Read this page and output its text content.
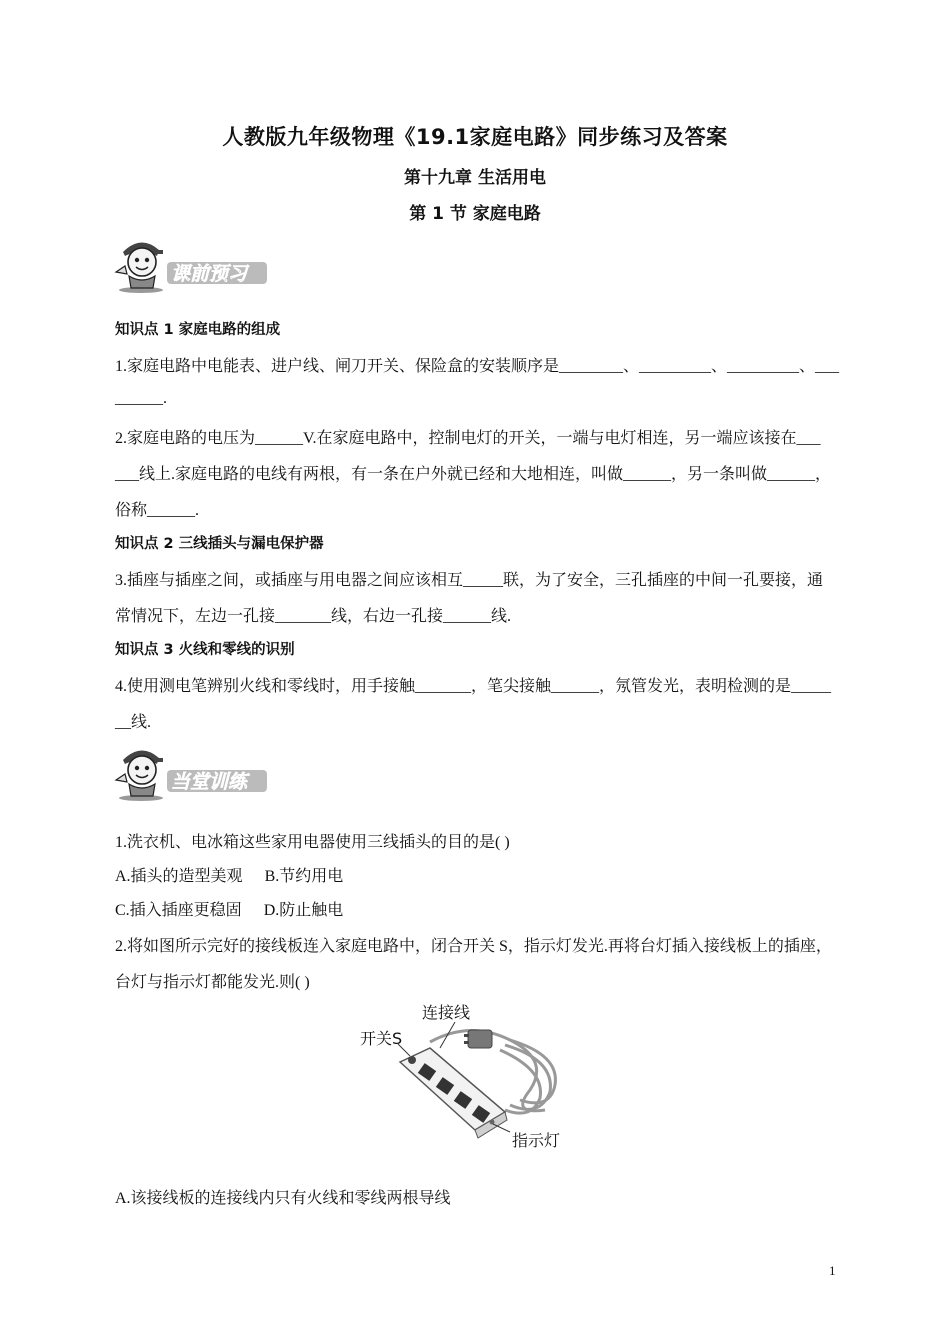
人教版九年级物理《19.1家庭电路》同步练习及答案
第十九章 生活用电
第 1 节 家庭电路
课前预习
知识点 1 家庭电路的组成
1.家庭电路中电能表、进户线、闸刀开关、保险盒的安装顺序是________、_________、_________、___
______.
2.家庭电路的电压为______V.在家庭电路中，控制电灯的开关，一端与电灯相连，另一端应该接在___
___线上.家庭电路的电线有两根，有一条在户外就已经和大地相连，叫做______，另一条叫做______，
俗称______.
知识点 2 三线插头与漏电保护器
3.插座与插座之间，或插座与用电器之间应该相互_____联，为了安全，三孔插座的中间一孔要接，通
常情况下，左边一孔接_______线，右边一孔接______线.
知识点 3 火线和零线的识别
4.使用测电笔辨别火线和零线时，用手接触_______，笔尖接触______，氖管发光，表明检测的是_____
__线.
当堂训练
1.洗衣机、电冰箱这些家用电器使用三线插头的目的是( )
A.插头的造型美观 B.节约用电
C.插入插座更稳固 D.防止触电
2.将如图所示完好的接线板连入家庭电路中，闭合开关 S，指示灯发光.再将台灯插入接线板上的插座，
台灯与指示灯都能发光.则( )
连接线
开关S
指示灯
A.该接线板的连接线内只有火线和零线两根导线
1
